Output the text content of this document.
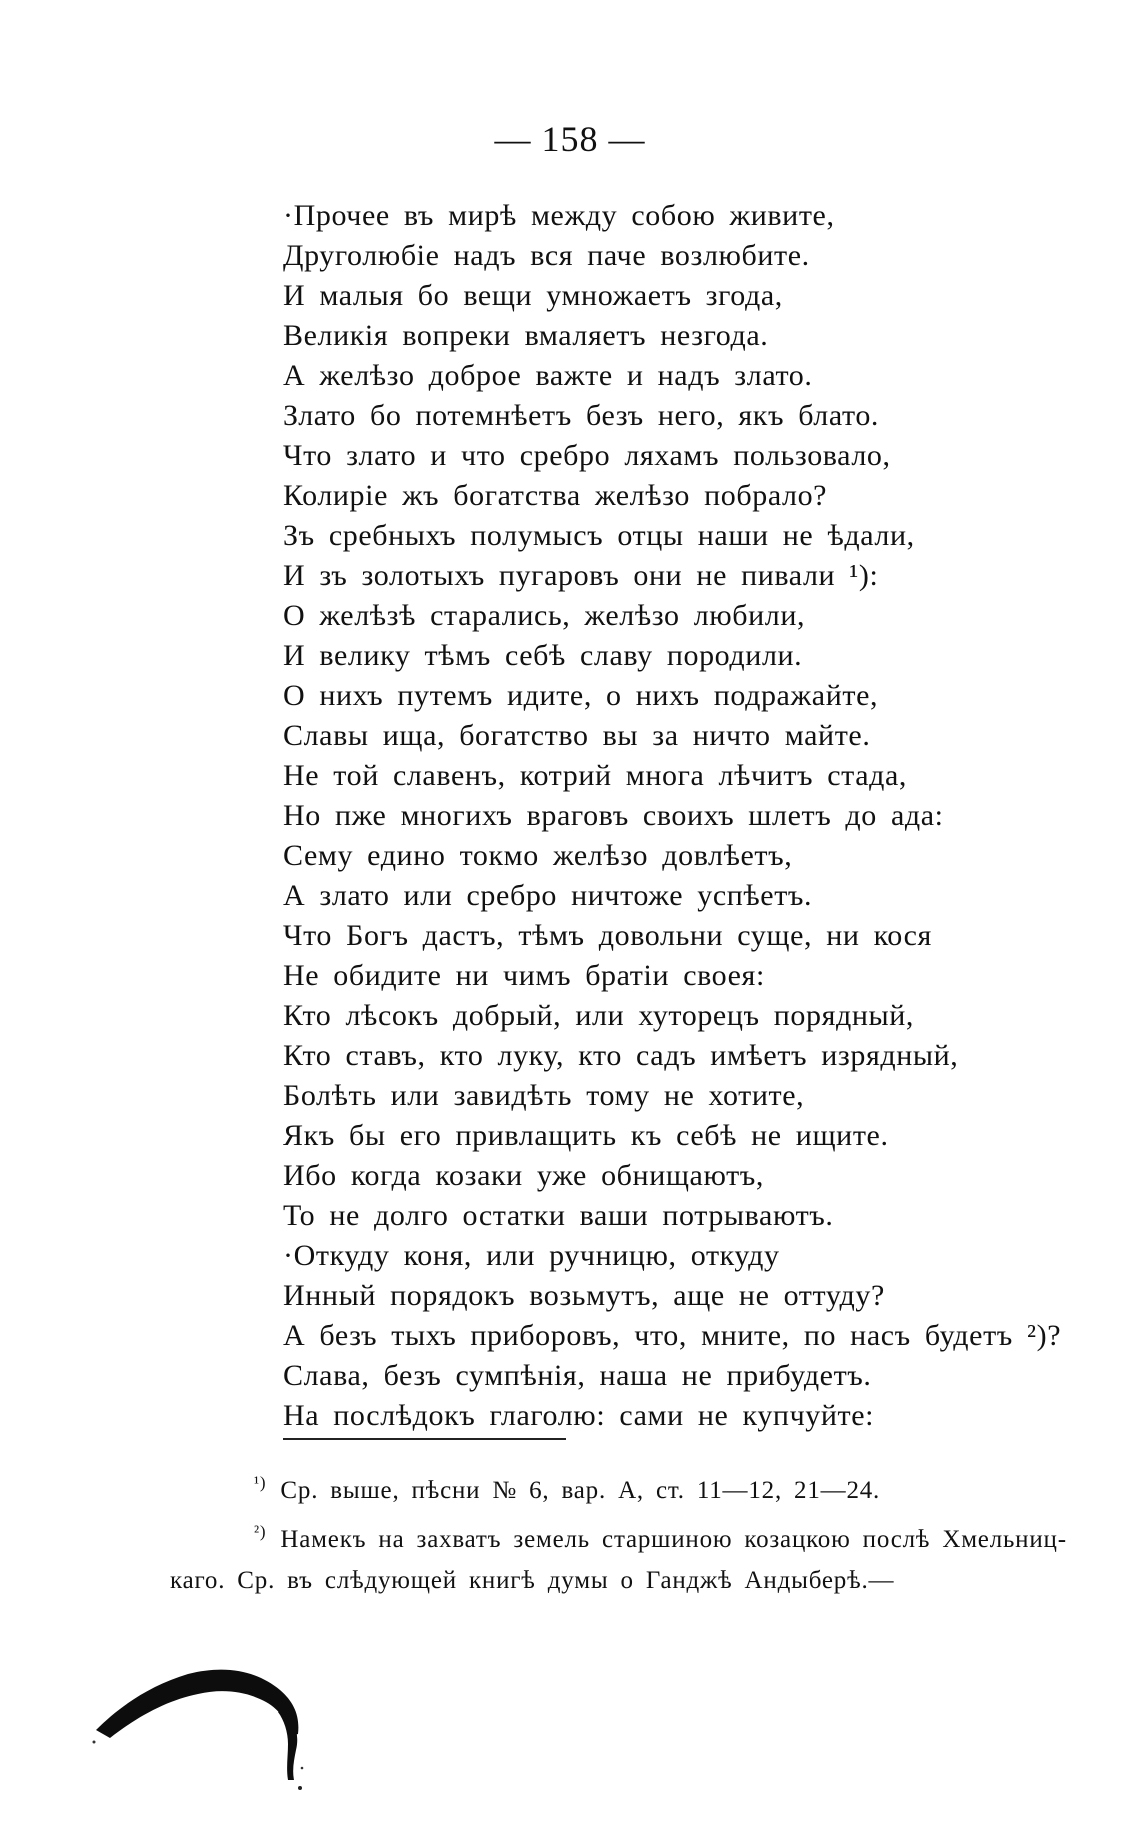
— 158 —
·Прочее въ мирѣ между собою живите,
Друголюбіе надъ вся паче возлюбите.
И малыя бо вещи умножаетъ згода,
Великія вопреки вмаляетъ незгода.
А желѣзо доброе важте и надъ злато.
Злато бо потемнѣетъ безъ него, якъ блато.
Что злато и что сребро ляхамъ пользовало,
Колиріе жъ богатства желѣзо побрало?
Зъ сребныхъ полумысъ отцы наши не ѣдали,
И зъ золотыхъ пугаровъ они не пивали ¹):
О желѣзѣ старались, желѣзо любили,
И велику тѣмъ себѣ славу породили.
О нихъ путемъ идите, о нихъ подражайте,
Славы ища, богатство вы за ничто майте.
Не той славенъ, котрий многа лѣчитъ стада,
Но пже многихъ враговъ своихъ шлетъ до ада:
Сему едино токмо желѣзо довлѣетъ,
А злато или сребро ничтоже успѣетъ.
Что Богъ дастъ, тѣмъ довольни суще, ни кося
Не обидите ни чимъ братіи своея:
Кто лѣсокъ добрый, или хуторецъ порядный,
Кто ставъ, кто луку, кто садъ имѣетъ изрядный,
Болѣть или завидѣть тому не хотите,
Якъ бы его привлащить къ себѣ не ищите.
Ибо когда козаки уже обнищаютъ,
То не долго остатки ваши потрываютъ.
·Откуду коня, или ручницю, откуду
Инный порядокъ возьмутъ, аще не оттуду?
А безъ тыхъ приборовъ, что, мните, по насъ будетъ ²)?
Слава, безъ сумпѣнія, наша не прибудетъ.
На послѣдокъ глаголю: сами не купчуйте:
$^{^1)}$ Ср. выше, пѣсни № 6, вар. А, ст. 11—12, 21—24.
$^{^2)}$ Намекъ на захватъ земель старшиною козацкою послѣ Хмельниц-
каго. Ср. въ слѣдующей книгѣ думы о Ганджѣ Андыберѣ.—
